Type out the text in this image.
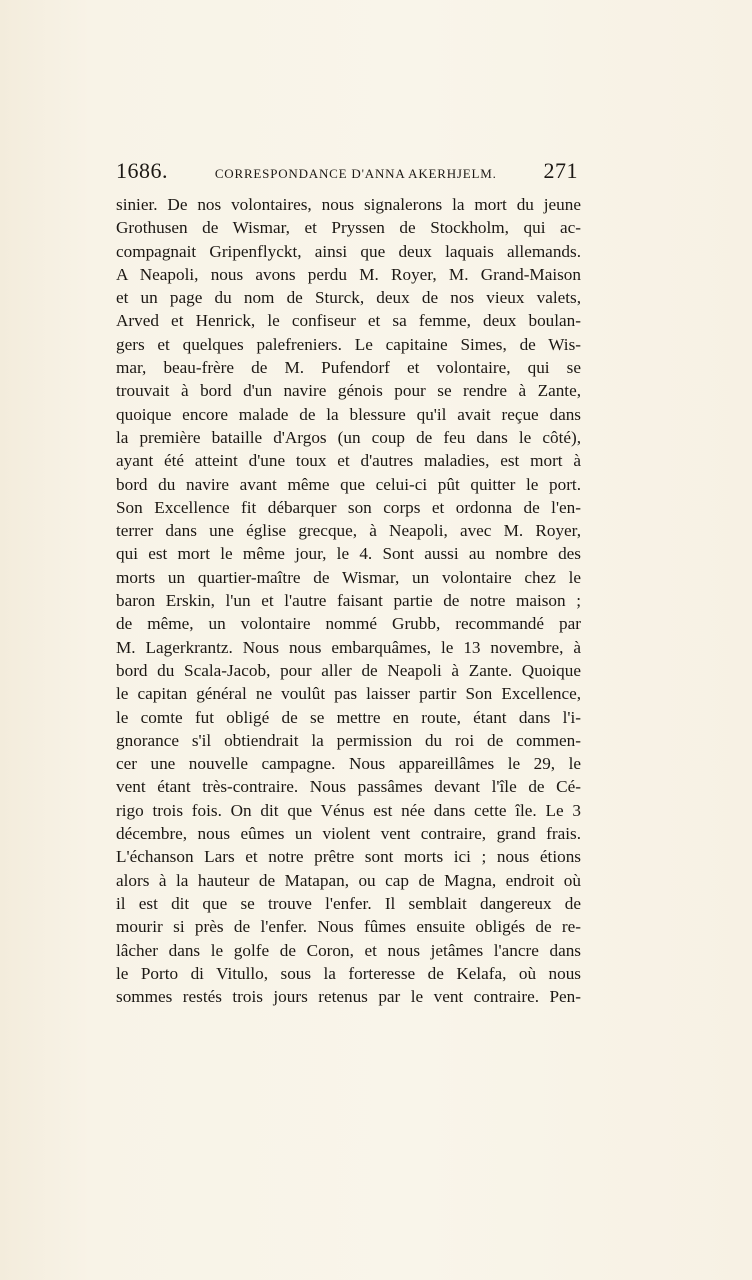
1686.	CORRESPONDANCE D'ANNA AKERHJELM. 271
sinier. De nos volontaires, nous signalerons la mort du jeune
Grothusen de Wismar, et Pryssen de Stockholm, qui ac-
compagnait Gripenflyckt, ainsi que deux laquais allemands.
A Neapoli, nous avons perdu M. Royer, M. Grand-Maison
et un page du nom de Sturck, deux de nos vieux valets,
Arved et Henrick, le confiseur et sa femme, deux boulan-
gers et quelques palefreniers. Le capitaine Simes, de Wis-
mar, beau-frère de M. Pufendorf et volontaire, qui se
trouvait à bord d'un navire génois pour se rendre à Zante,
quoique encore malade de la blessure qu'il avait reçue dans
la première bataille d'Argos (un coup de feu dans le côté),
ayant été atteint d'une toux et d'autres maladies, est mort à
bord du navire avant même que celui-ci pût quitter le port.
Son Excellence fit débarquer son corps et ordonna de l'en-
terrer dans une église grecque, à Neapoli, avec M. Royer,
qui est mort le même jour, le 4. Sont aussi au nombre des
morts un quartier-maître de Wismar, un volontaire chez le
baron Erskin, l'un et l'autre faisant partie de notre maison ;
de même, un volontaire nommé Grubb, recommandé par
M. Lagerkrantz. Nous nous embarquâmes, le 13 novembre, à
bord du Scala-Jacob, pour aller de Neapoli à Zante. Quoique
le capitan général ne voulût pas laisser partir Son Excellence,
le comte fut obligé de se mettre en route, étant dans l'i-
gnorance s'il obtiendrait la permission du roi de commen-
cer une nouvelle campagne. Nous appareillâmes le 29, le
vent étant très-contraire. Nous passâmes devant l'île de Cé-
rigo trois fois. On dit que Vénus est née dans cette île. Le 3
décembre, nous eûmes un violent vent contraire, grand frais.
L'échanson Lars et notre prêtre sont morts ici ; nous étions
alors à la hauteur de Matapan, ou cap de Magna, endroit où
il est dit que se trouve l'enfer. Il semblait dangereux de
mourir si près de l'enfer. Nous fûmes ensuite obligés de re-
lâcher dans le golfe de Coron, et nous jetâmes l'ancre dans
le Porto di Vitullo, sous la forteresse de Kelafa, où nous
sommes restés trois jours retenus par le vent contraire. Pen-
